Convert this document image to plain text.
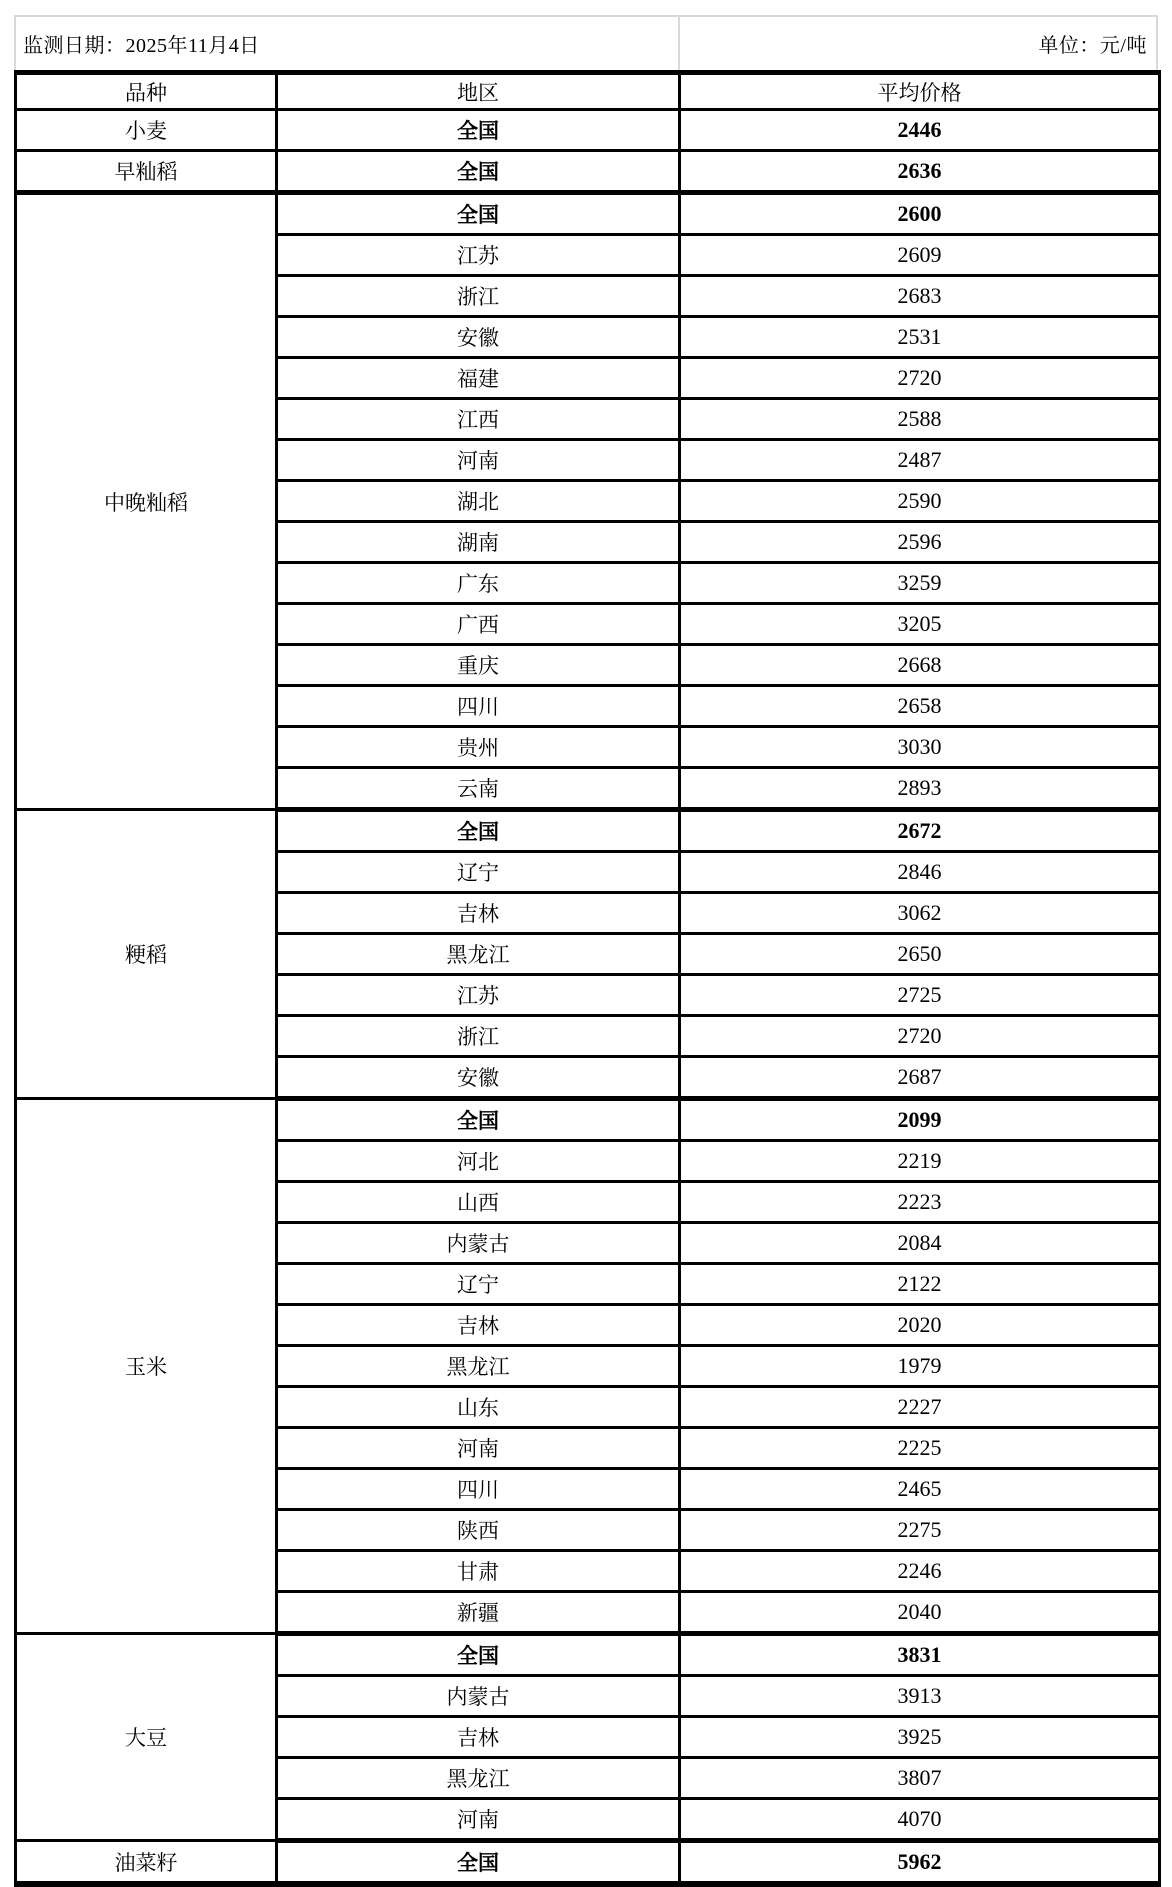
监测日期：2025年11月4日	单位：元/吨
品种	地区	平均价格
小麦	全国	2446
早籼稻	全国	2636
中晚籼稻	全国	2600
	江苏	2609
	浙江	2683
	安徽	2531
	福建	2720
	江西	2588
	河南	2487
	湖北	2590
	湖南	2596
	广东	3259
	广西	3205
	重庆	2668
	四川	2658
	贵州	3030
	云南	2893
粳稻	全国	2672
	辽宁	2846
	吉林	3062
	黑龙江	2650
	江苏	2725
	浙江	2720
	安徽	2687
玉米	全国	2099
	河北	2219
	山西	2223
	内蒙古	2084
	辽宁	2122
	吉林	2020
	黑龙江	1979
	山东	2227
	河南	2225
	四川	2465
	陕西	2275
	甘肃	2246
	新疆	2040
大豆	全国	3831
	内蒙古	3913
	吉林	3925
	黑龙江	3807
	河南	4070
油菜籽	全国	5962
